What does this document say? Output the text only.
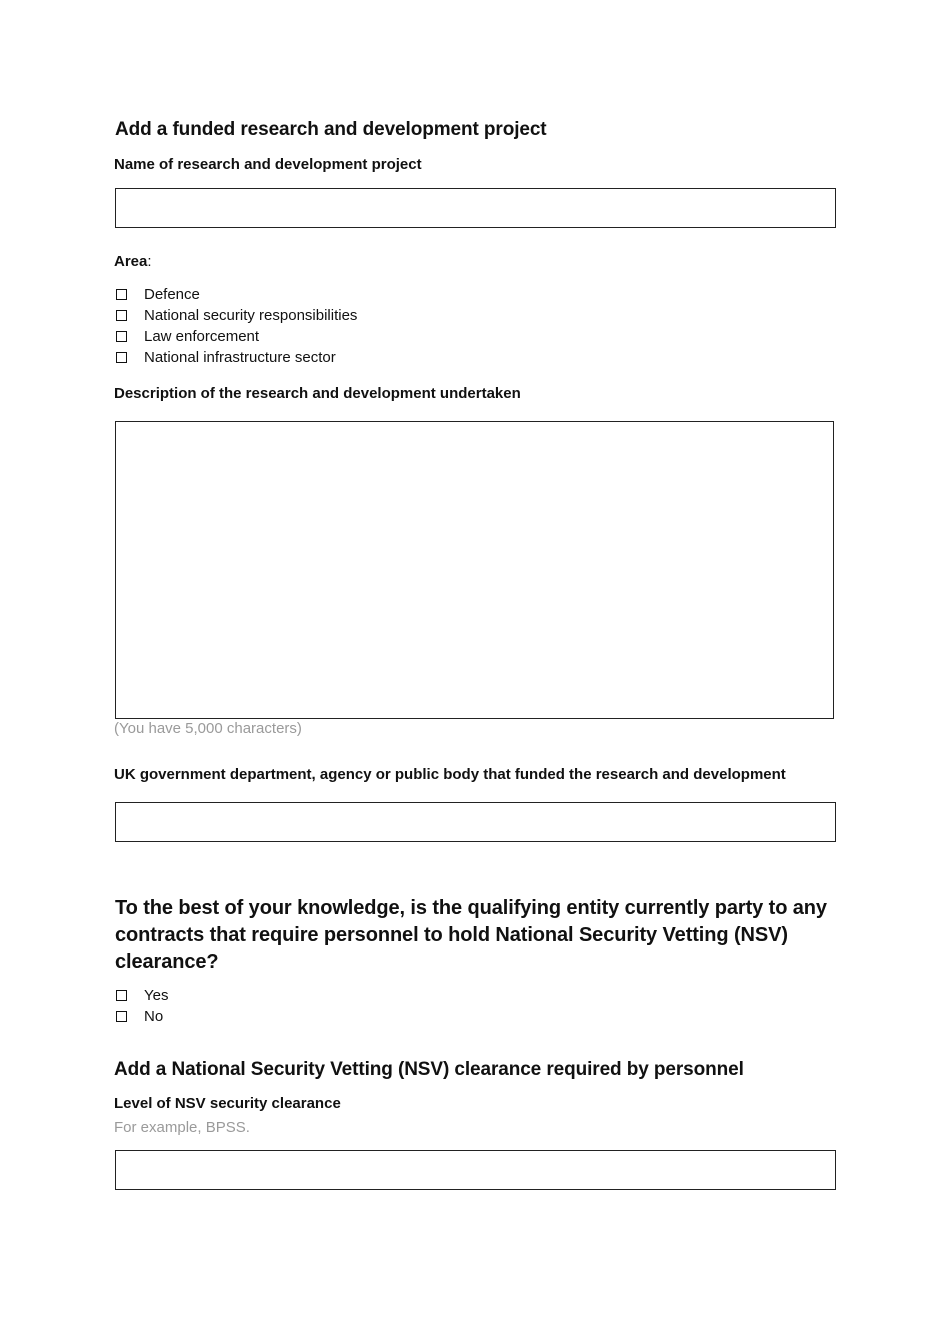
Add a funded research and development project
Name of research and development project
Area:
Defence
National security responsibilities
Law enforcement
National infrastructure sector
Description of the research and development undertaken
(You have 5,000 characters)
UK government department, agency or public body that funded the research and development
To the best of your knowledge, is the qualifying entity currently party to any contracts that require personnel to hold National Security Vetting (NSV) clearance?
Yes
No
Add a National Security Vetting (NSV) clearance required by personnel
Level of NSV security clearance
For example, BPSS.
